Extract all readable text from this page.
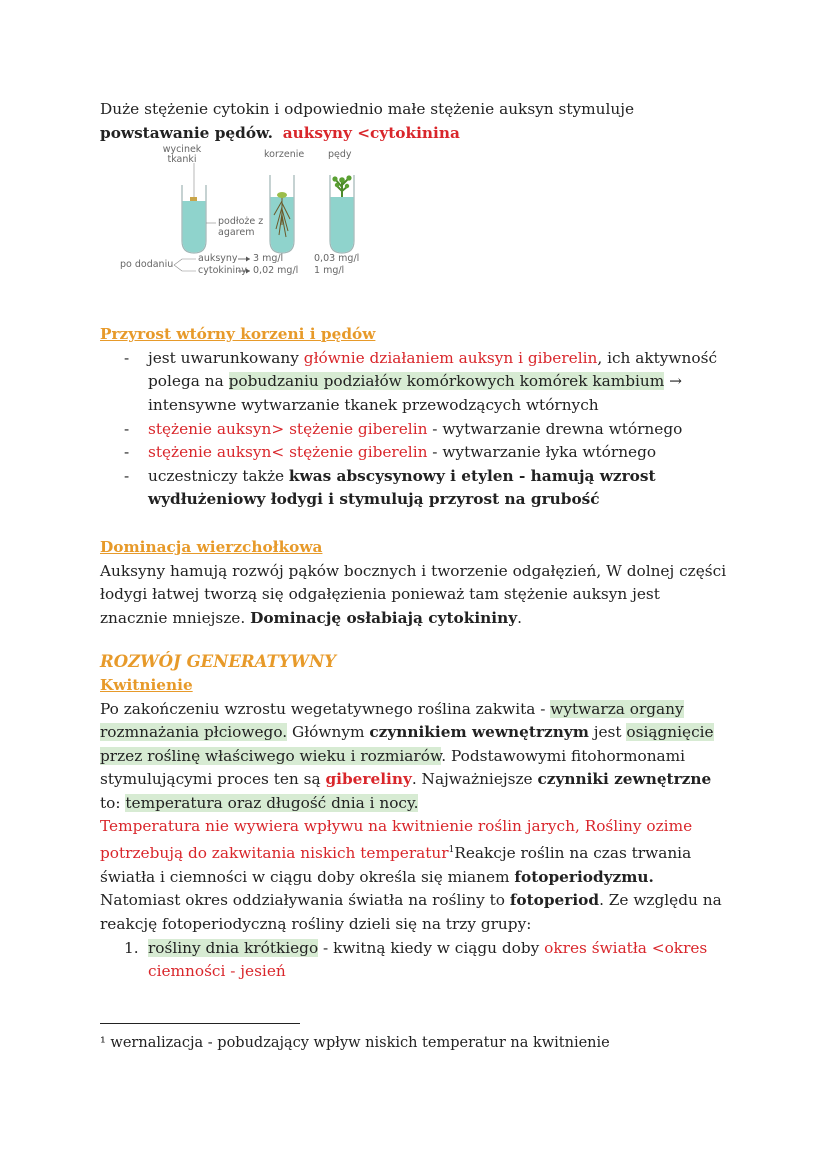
Duże stężenie cytokin i odpowiednio małe stężenie auksyn stymuluje powstawanie pędów. auksyny <cytokinina

wycinek tkanki	korzenie	pędy
podłoże z agarem
po dodaniu
auksyny
cytokininy
3 mg/l
0,02 mg/l
0,03 mg/l
1 mg/l
Przyrost wtórny korzeni i pędów
- jest uwarunkowany głównie działaniem auksyn i giberelin, ich aktywność polega na pobudzaniu podziałów komórkowych komórek kambium → intensywne wytwarzanie tkanek przewodzących wtórnych
- stężenie auksyn> stężenie giberelin - wytwarzanie drewna wtórnego
- stężenie auksyn< stężenie giberelin - wytwarzanie łyka wtórnego
- uczestniczy także kwas abscysynowy i etylen - hamują wzrost wydłużeniowy łodygi i stymulują przyrost na grubość
Dominacja wierzchołkowa

Auksyny hamują rozwój pąków bocznych i tworzenie odgałęzień, W dolnej części łodygi łatwej tworzą się odgałęzienia ponieważ tam stężenie auksyn jest znacznie mniejsze. Dominację osłabiają cytokininy.

ROZWÓJ GENERATYWNY
Kwitnienie

Po zakończeniu wzrostu wegetatywnego roślina zakwita - wytwarza organy rozmnażania płciowego. Głównym czynnikiem wewnętrznym jest osiągnięcie przez roślinę właściwego wieku i rozmiarów. Podstawowymi fitohormonami stymulującymi proces ten są gibereliny. Najważniejsze czynniki zewnętrzne to: temperatura oraz długość dnia i nocy.

Temperatura nie wywiera wpływu na kwitnienie roślin jarych, Rośliny ozime potrzebują do zakwitania niskich temperatur$^1$Reakcje roślin na czas trwania światła i ciemności w ciągu doby określa się mianem fotoperiodyzmu. Natomiast okres oddziaływania światła na rośliny to fotoperiod. Ze względu na reakcję fotoperiodyczną rośliny dzieli się na trzy grupy:

1. rośliny dnia krótkiego - kwitną kiedy w ciągu doby okres światła <okres ciemności - jesień
¹ wernalizacja - pobudzający wpływ niskich temperatur na kwitnienie
